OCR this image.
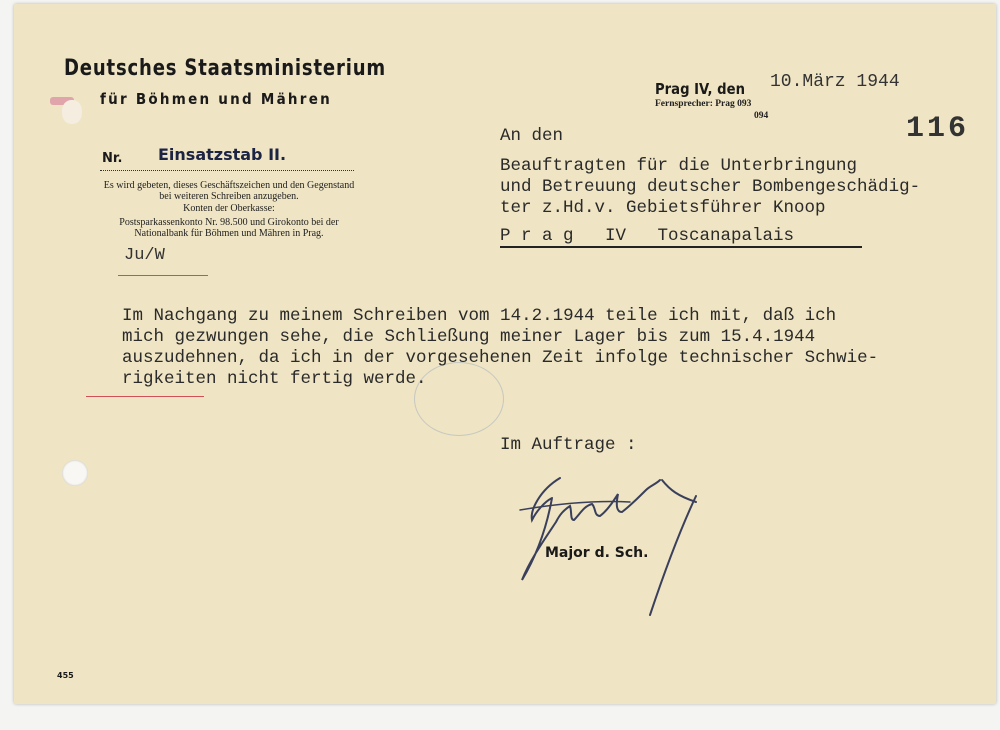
Deutsches Staatsministerium
für Böhmen und Mähren
Nr. Einsatzstab II.
Es wird gebeten, dieses Geschäftszeichen und den Gegenstand bei weiteren Schreiben anzugeben.
Konten der Oberkasse:
Postsparkassenkonto Nr. 98.500 und Girokonto bei der Nationalbank für Böhmen und Mähren in Prag.
Ju/W
Prag IV, den 10.März 1944
Fernsprecher: Prag 093
094	116
An den
Beauftragten für die Unterbringung
und Betreuung deutscher Bombengeschädig-
ter z.Hd.v. Gebietsführer Knoop
P r a g   IV   Toscanapalais
Im Nachgang zu meinem Schreiben vom 14.2.1944 teile ich mit, daß ich
mich gezwungen sehe, die Schließung meiner Lager bis zum 15.4.1944
auszudehnen, da ich in der vorgesehenen Zeit infolge technischer Schwie-
rigkeiten nicht fertig werde.
Im Auftrage :
Major d. Sch.
455
